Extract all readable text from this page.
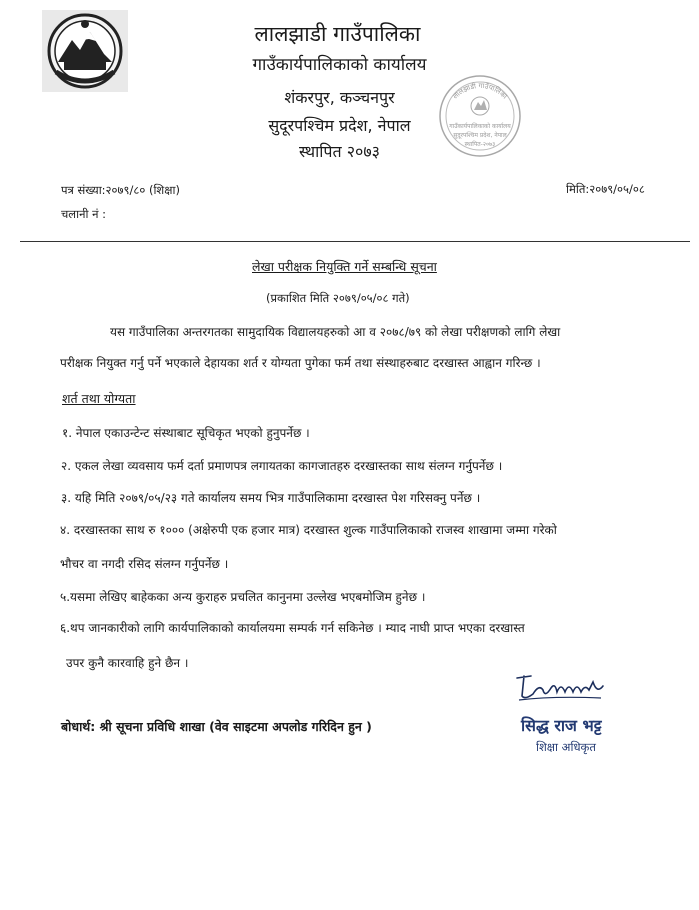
लालझाडी गाउँपालिका
गाउँकार्यपालिकाको कार्यालय
शंकरपुर, कञ्चनपुर
सुदूरपश्चिम प्रदेश, नेपाल
स्थापित २०७३
लालझाडी गाउँपालिका
गाउँकार्यपालिकाको कार्यालय
सुदूरपश्चिम प्रदेश, नेपाल
स्थापित-२०७३
पत्र संख्या:२०७९/८० (शिक्षा)
चलानी नं :
मिति:२०७९/०५/०८
लेखा परीक्षक नियुक्ति गर्ने सम्बन्धि सूचना
(प्रकाशित मिति २०७९/०५/०८ गते)
यस गाउँपालिका अन्तरगतका सामुदायिक विद्यालयहरुको आ व २०७८/७९ को लेखा परीक्षणको लागि लेखा
परीक्षक नियुक्त गर्नु पर्ने भएकाले देहायका शर्त र योग्यता पुगेका फर्म तथा संस्थाहरुबाट दरखास्त आह्वान गरिन्छ ।
शर्त तथा योग्यता
१. नेपाल एकाउन्टेन्ट संस्थाबाट सूचिकृत भएको हुनुपर्नेछ ।
२. एकल लेखा व्यवसाय फर्म दर्ता प्रमाणपत्र लगायतका कागजातहरु दरखास्तका साथ संलग्न गर्नुपर्नेछ ।
३. यहि मिति २०७९/०५/२३ गते कार्यालय समय भित्र गाउँपालिकामा दरखास्त पेश गरिसक्नु पर्नेछ ।
४. दरखास्तका साथ रु १००० (अक्षेरुपी एक हजार मात्र) दरखास्त शुल्क गाउँपालिकाको राजस्व शाखामा जम्मा गरेको
भौचर वा नगदी रसिद संलग्न गर्नुपर्नेछ ।
५.यसमा लेखिए बाहेकका अन्य कुराहरु प्रचलित कानुनमा उल्लेख भएबमोजिम हुनेछ ।
६.थप जानकारीको लागि कार्यपालिकाको कार्यालयमा सम्पर्क गर्न सकिनेछ । म्याद नाघी प्राप्त भएका दरखास्त
उपर कुनै कारवाहि हुने छैन ।
बोधार्थ: श्री सूचना प्रविधि शाखा (वेव साइटमा अपलोड गरिदिन हुन )	सिद्ध राज भट्ट
शिक्षा अधिकृत
